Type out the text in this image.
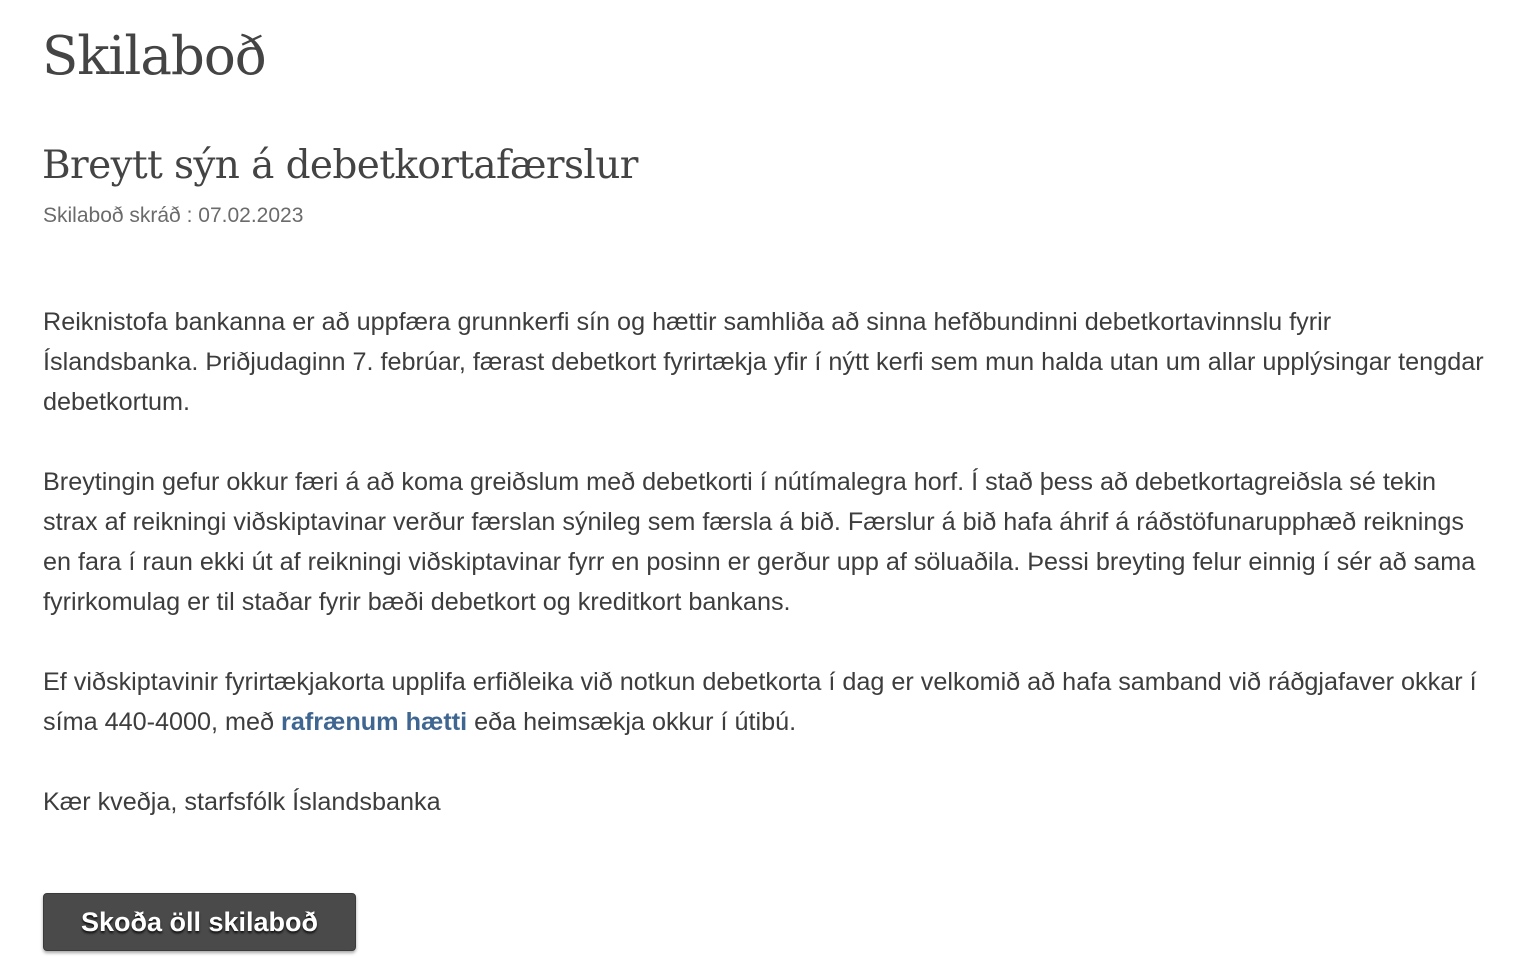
Skilaboð
Breytt sýn á debetkortafærslur
Skilaboð skráð : 07.02.2023

Reiknistofa bankanna er að uppfæra grunnkerfi sín og hættir samhliða að sinna hefðbundinni debetkortavinnslu fyrir Íslandsbanka. Þriðjudaginn 7. febrúar, færast debetkort fyrirtækja yfir í nýtt kerfi sem mun halda utan um allar upplýsingar tengdar debetkortum.

Breytingin gefur okkur færi á að koma greiðslum með debetkorti í nútímalegra horf. Í stað þess að debetkortagreiðsla sé tekin strax af reikningi viðskiptavinar verður færslan sýnileg sem færsla á bið. Færslur á bið hafa áhrif á ráðstöfunarupphæð reiknings en fara í raun ekki út af reikningi viðskiptavinar fyrr en posinn er gerður upp af söluaðila. Þessi breyting felur einnig í sér að sama fyrirkomulag er til staðar fyrir bæði debetkort og kreditkort bankans.

Ef viðskiptavinir fyrirtækjakorta upplifa erfiðleika við notkun debetkorta í dag er velkomið að hafa samband við ráðgjafaver okkar í síma 440-4000, með rafrænum hætti eða heimsækja okkur í útibú.

Kær kveðja, starfsfólk Íslandsbanka

Skoða öll skilaboð
